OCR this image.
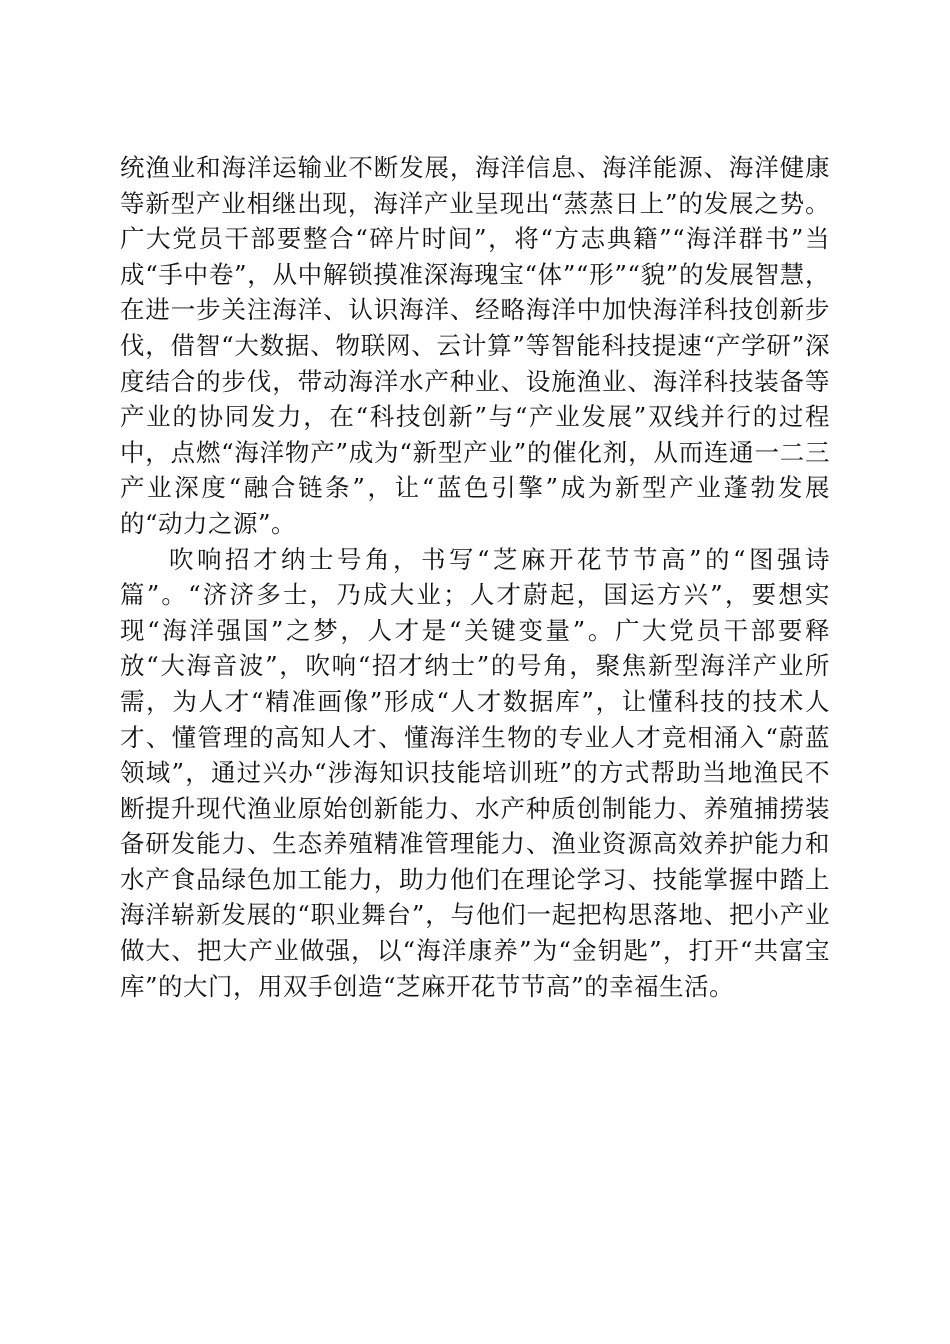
统渔业和海洋运输业不断发展，海洋信息、海洋能源、海洋健康等新型产业相继出现，海洋产业呈现出“蒸蒸日上”的发展之势。广大党员干部要整合“碎片时间”，将“方志典籍”“海洋群书”当成“手中卷”，从中解锁摸准深海瑰宝“体”“形”“貌”的发展智慧，在进一步关注海洋、认识海洋、经略海洋中加快海洋科技创新步伐，借智“大数据、物联网、云计算”等智能科技提速“产学研”深度结合的步伐，带动海洋水产种业、设施渔业、海洋科技装备等产业的协同发力，在“科技创新”与“产业发展”双线并行的过程中，点燃“海洋物产”成为“新型产业”的催化剂，从而连通一二三产业深度“融合链条”，让“蓝色引擎”成为新型产业蓬勃发展的“动力之源”。

吹响招才纳士号角，书写“芝麻开花节节高”的“图强诗篇”。“济济多士，乃成大业；人才蔚起，国运方兴”，要想实现“海洋强国”之梦，人才是“关键变量”。广大党员干部要释放“大海音波”，吹响“招才纳士”的号角，聚焦新型海洋产业所需，为人才“精准画像”形成“人才数据库”，让懂科技的技术人才、懂管理的高知人才、懂海洋生物的专业人才竞相涌入“蔚蓝领域”，通过兴办“涉海知识技能培训班”的方式帮助当地渔民不断提升现代渔业原始创新能力、水产种质创制能力、养殖捕捞装备研发能力、生态养殖精准管理能力、渔业资源高效养护能力和水产食品绿色加工能力，助力他们在理论学习、技能掌握中踏上海洋崭新发展的“职业舞台”，与他们一起把构思落地、把小产业做大、把大产业做强，以“海洋康养”为“金钥匙”，打开“共富宝库”的大门，用双手创造“芝麻开花节节高”的幸福生活。
